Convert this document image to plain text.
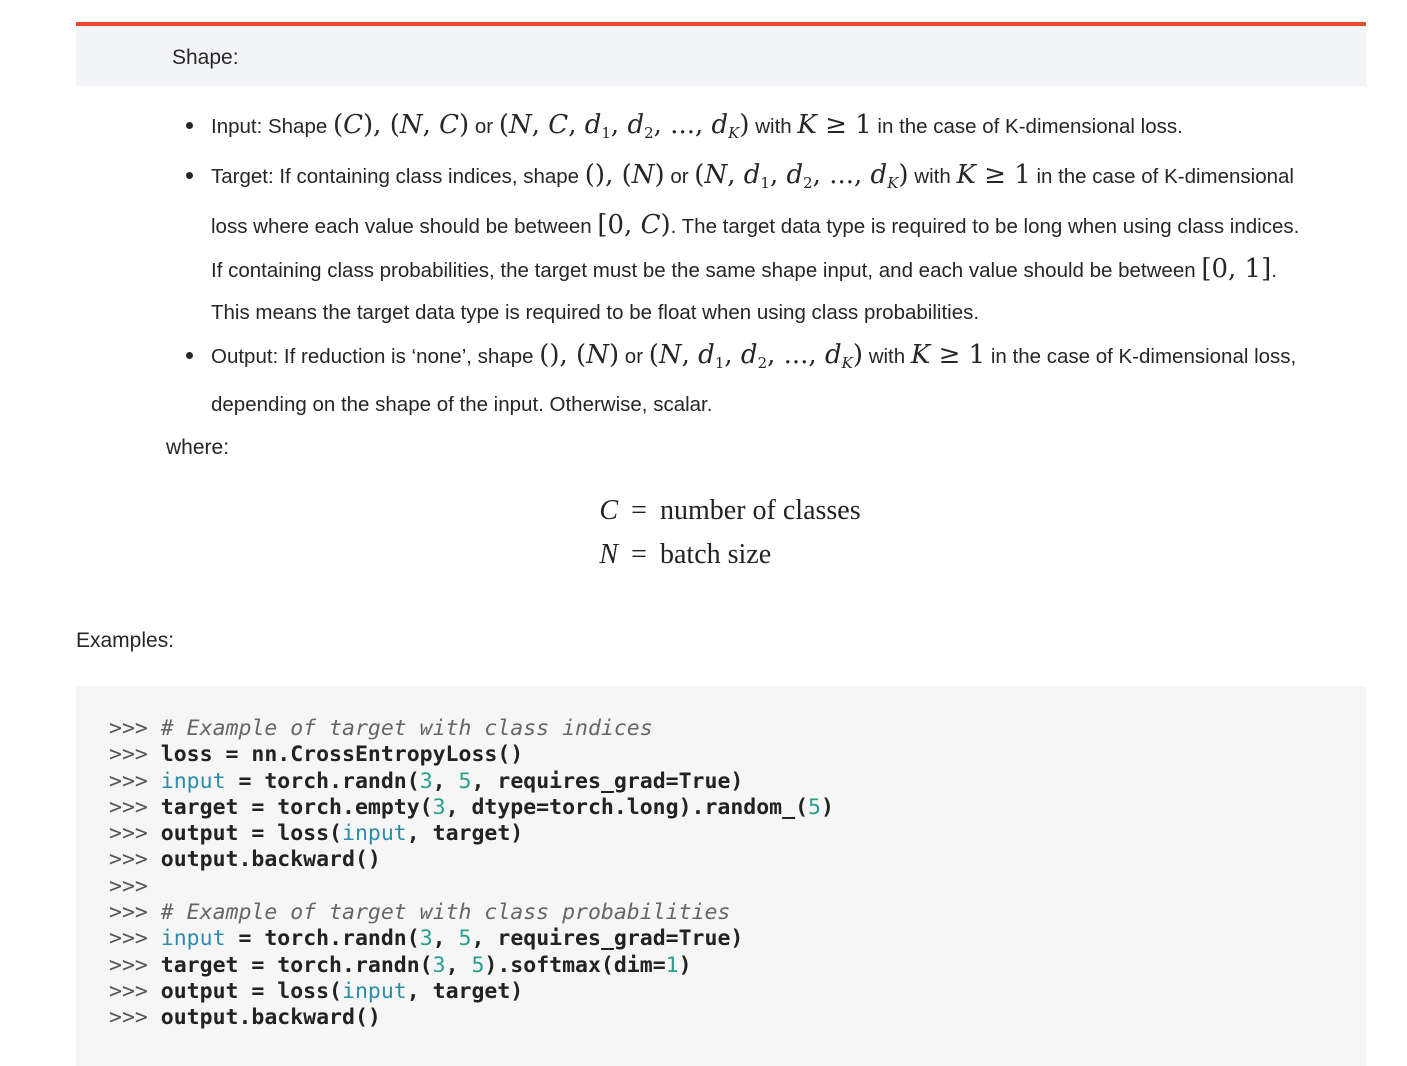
Shape:
Input: Shape (C), (N, C) or (N, C, $d_1$, $d_2$, ..., dK) with K ≥ 1 in the case of K-dimensional loss.
Target: If containing class indices, shape (), (N) or (N, $d_1$, $d_2$, ..., dK) with K ≥ 1 in the case of K-dimensional
loss where each value should be between [0, C). The target data type is required to be long when using class indices.
If containing class probabilities, the target must be the same shape input, and each value should be between [0, 1].
This means the target data type is required to be float when using class probabilities.
Output: If reduction is ‘none’, shape (), (N) or (N, $d_1$, $d_2$, ..., dK) with K ≥ 1 in the case of K-dimensional loss,
depending on the shape of the input. Otherwise, scalar.
where:
C = number of classes
N = batch size
Examples:
>>> # Example of target with class indices
>>> loss = nn.CrossEntropyLoss()
>>> input = torch.randn(3, 5, requires_grad=True)
>>> target = torch.empty(3, dtype=torch.long).random_(5)
>>> output = loss(input, target)
>>> output.backward()
>>>
>>> # Example of target with class probabilities
>>> input = torch.randn(3, 5, requires_grad=True)
>>> target = torch.randn(3, 5).softmax(dim=1)
>>> output = loss(input, target)
>>> output.backward()
